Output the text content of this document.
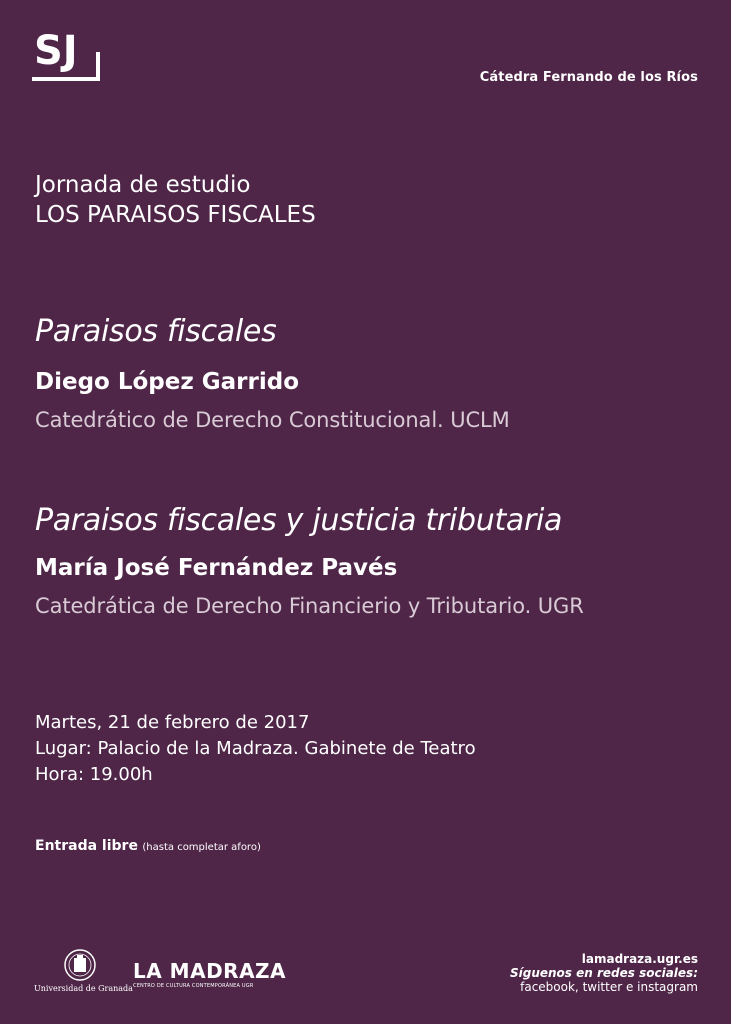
SJ
Cátedra Fernando de los Ríos
Jornada de estudio
LOS PARAISOS FISCALES
Paraisos fiscales
Diego López Garrido
Catedrático de Derecho Constitucional. UCLM
Paraisos fiscales y justicia tributaria
María José Fernández Pavés
Catedrática de Derecho Financierio y Tributario. UGR
Martes, 21 de febrero de 2017
Lugar: Palacio de la Madraza. Gabinete de Teatro
Hora: 19.00h
Entrada libre (hasta completar aforo)
Universidad de Granada
LA MADRAZA
CENTRO DE CULTURA CONTEMPORÁNEA UGR
lamadraza.ugr.es
Síguenos en redes sociales:
facebook, twitter e instagram
